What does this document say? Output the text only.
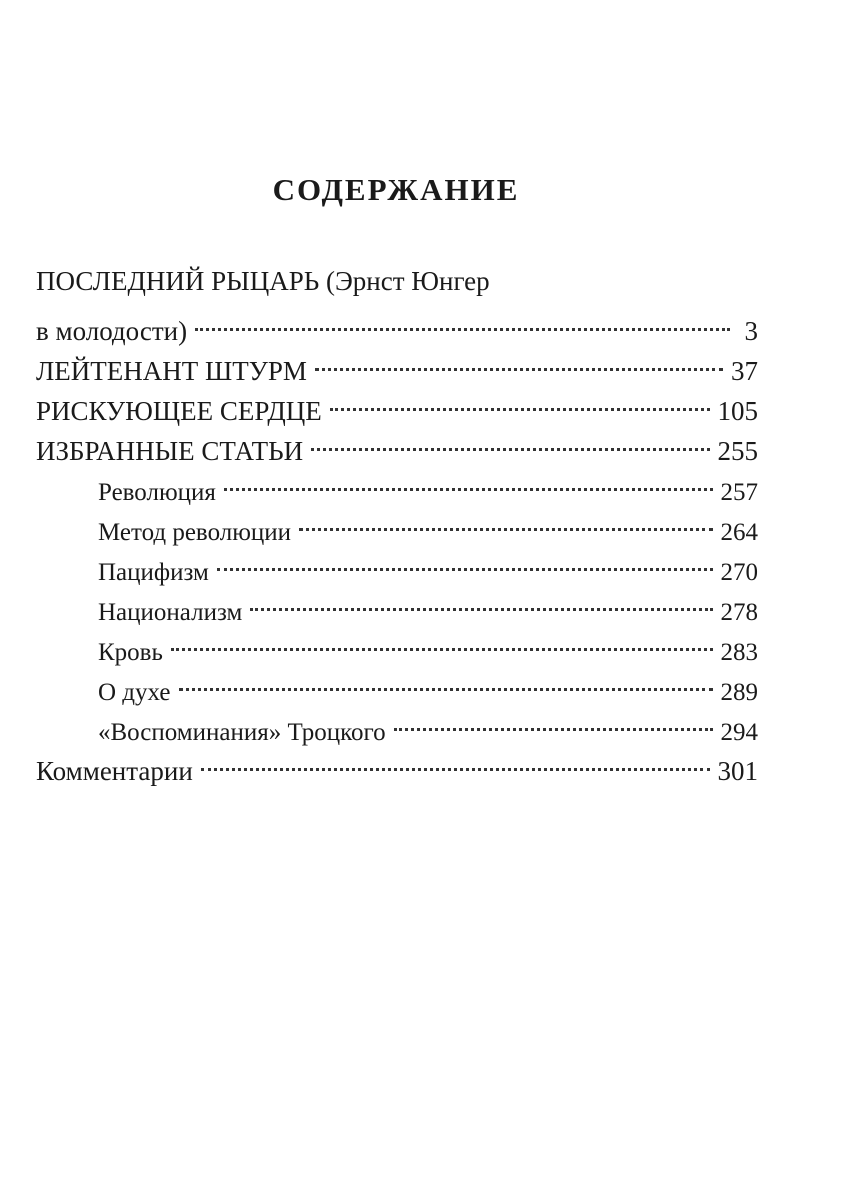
СОДЕРЖАНИЕ
ПОСЛЕДНИЙ РЫЦАРЬ (Эрнст Юнгер
в молодости)	3
ЛЕЙТЕНАНТ ШТУРМ	37
РИСКУЮЩЕЕ СЕРДЦЕ	105
ИЗБРАННЫЕ СТАТЬИ	255
Революция	257
Метод революции	264
Пацифизм	270
Национализм	278
Кровь	283
О духе	289
«Воспоминания» Троцкого	294
Комментарии	301
